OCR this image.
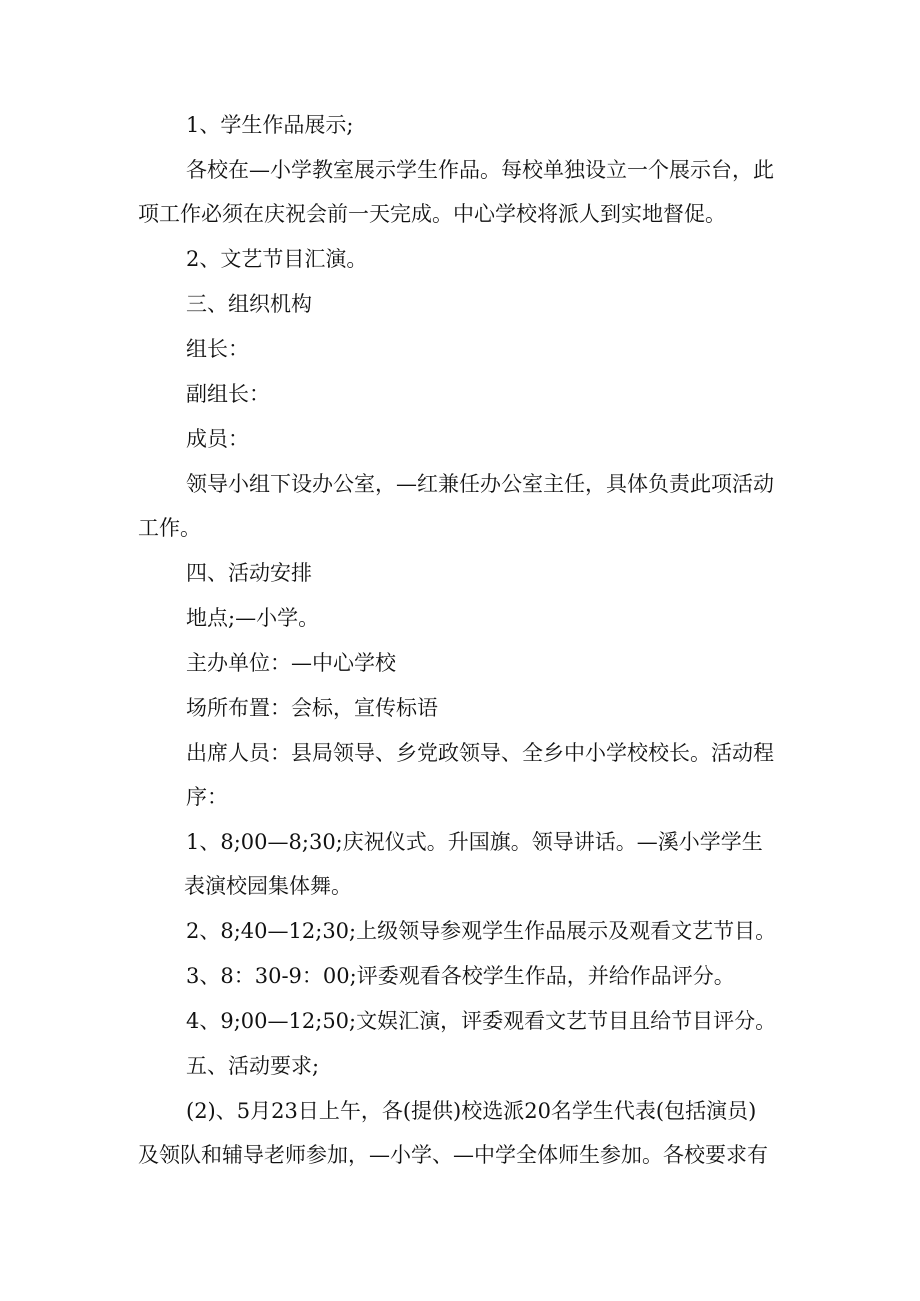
1、学生作品展示;

各校在—小学教室展示学生作品。每校单独设立一个展示台，此

项工作必须在庆祝会前一天完成。中心学校将派人到实地督促。

2、文艺节目汇演。

三、组织机构

组长：

副组长：

成员：

领导小组下设办公室，—红兼任办公室主任，具体负责此项活动

工作。

四、活动安排

地点;—小学。

主办单位：—中心学校

场所布置：会标，宣传标语

出席人员：县局领导、乡党政领导、全乡中小学校校长。活动程

序：

1、8;00—8;30;庆祝仪式。升国旗。领导讲话。—溪小学学生

表演校园集体舞。

2、8;40—12;30;上级领导参观学生作品展示及观看文艺节目。

3、8：30-9：00;评委观看各校学生作品，并给作品评分。

4、9;00—12;50;文娱汇演，评委观看文艺节目且给节目评分。

五、活动要求;

(2)、5月23日上午，各(提供)校选派20名学生代表(包括演员)

及领队和辅导老师参加，—小学、—中学全体师生参加。各校要求有
